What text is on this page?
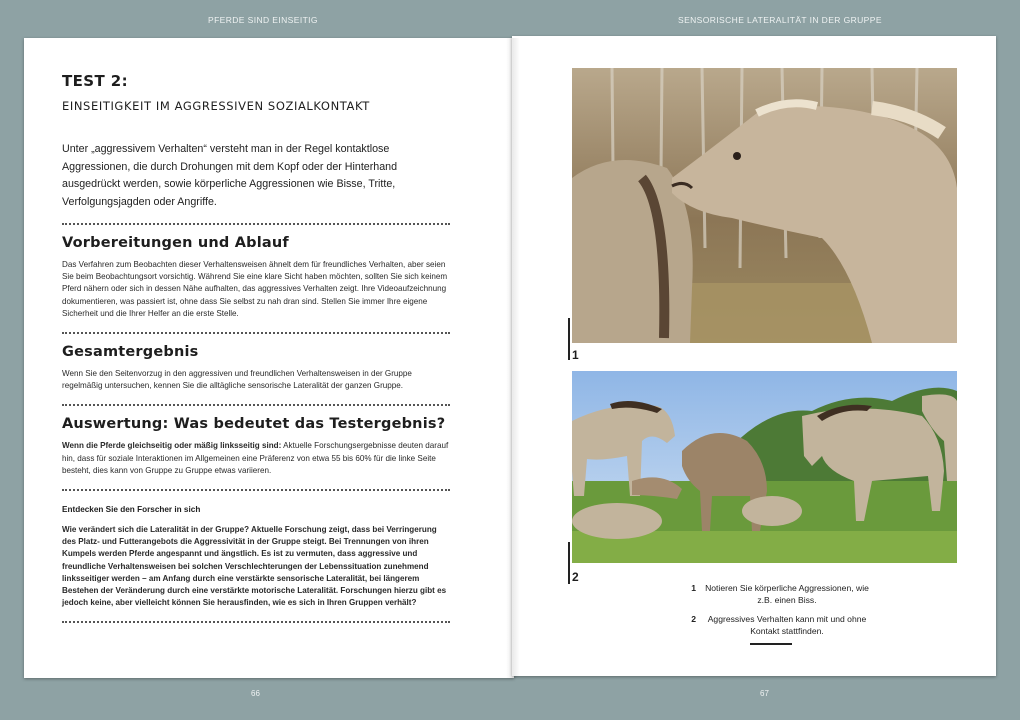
PFERDE SIND EINSEITIG	SENSORISCHE LATERALITÄT IN DER GRUPPE
TEST 2:
EINSEITIGKEIT IM AGGRESSIVEN SOZIALKONTAKT

Unter „aggressivem Verhalten“ versteht man in der Regel kontaktlose Aggressionen, die durch Drohungen mit dem Kopf oder der Hinterhand ausgedrückt werden, sowie körperliche Aggressionen wie Bisse, Tritte, Verfolgungsjagden oder Angriffe.

Vorbereitungen und Ablauf

Das Verfahren zum Beobachten dieser Verhaltensweisen ähnelt dem für freundliches Verhalten, aber seien Sie beim Beobachtungsort vorsichtig. Während Sie eine klare Sicht haben möchten, sollten Sie sich keinem Pferd nähern oder sich in dessen Nähe aufhalten, das aggressives Verhalten zeigt. Ihre Videoaufzeichnung dokumentieren, was passiert ist, ohne dass Sie selbst zu nah dran sind. Stellen Sie immer Ihre eigene Sicherheit und die Ihrer Helfer an die erste Stelle.

Gesamtergebnis

Wenn Sie den Seitenvorzug in den aggressiven und freundlichen Verhaltensweisen in der Gruppe regelmäßig untersuchen, kennen Sie die alltägliche sensorische Lateralität der ganzen Gruppe.

Auswertung: Was bedeutet das Testergebnis?

Wenn die Pferde gleichseitig oder mäßig linksseitig sind: Aktuelle Forschungsergebnisse deuten darauf hin, dass für soziale Interaktionen im Allgemeinen eine Präferenz von etwa 55 bis 60% für die linke Seite besteht, dies kann von Gruppe zu Gruppe etwas variieren.

Entdecken Sie den Forscher in sich

Wie verändert sich die Lateralität in der Gruppe? Aktuelle Forschung zeigt, dass bei Verringerung des Platz- und Futterangebots die Aggressivität in der Gruppe steigt. Bei Trennungen von ihren Kumpels werden Pferde angespannt und ängstlich. Es ist zu vermuten, dass aggressive und freundliche Verhaltensweisen bei solchen Verschlechterungen der Lebenssituation zunehmend linksseitiger werden – am Anfang durch eine verstärkte sensorische Lateralität, bei längerem Bestehen der Veränderung durch eine verstärkte motorische Lateralität. Forschungen hierzu gibt es jedoch keine, aber vielleicht können Sie herausfinden, wie es sich in Ihren Gruppen verhält?

1
2
1	Notieren Sie körperliche Aggressionen, wie z.B. einen Biss.
2	Aggressives Verhalten kann mit und ohne Kontakt stattfinden.
66	67
